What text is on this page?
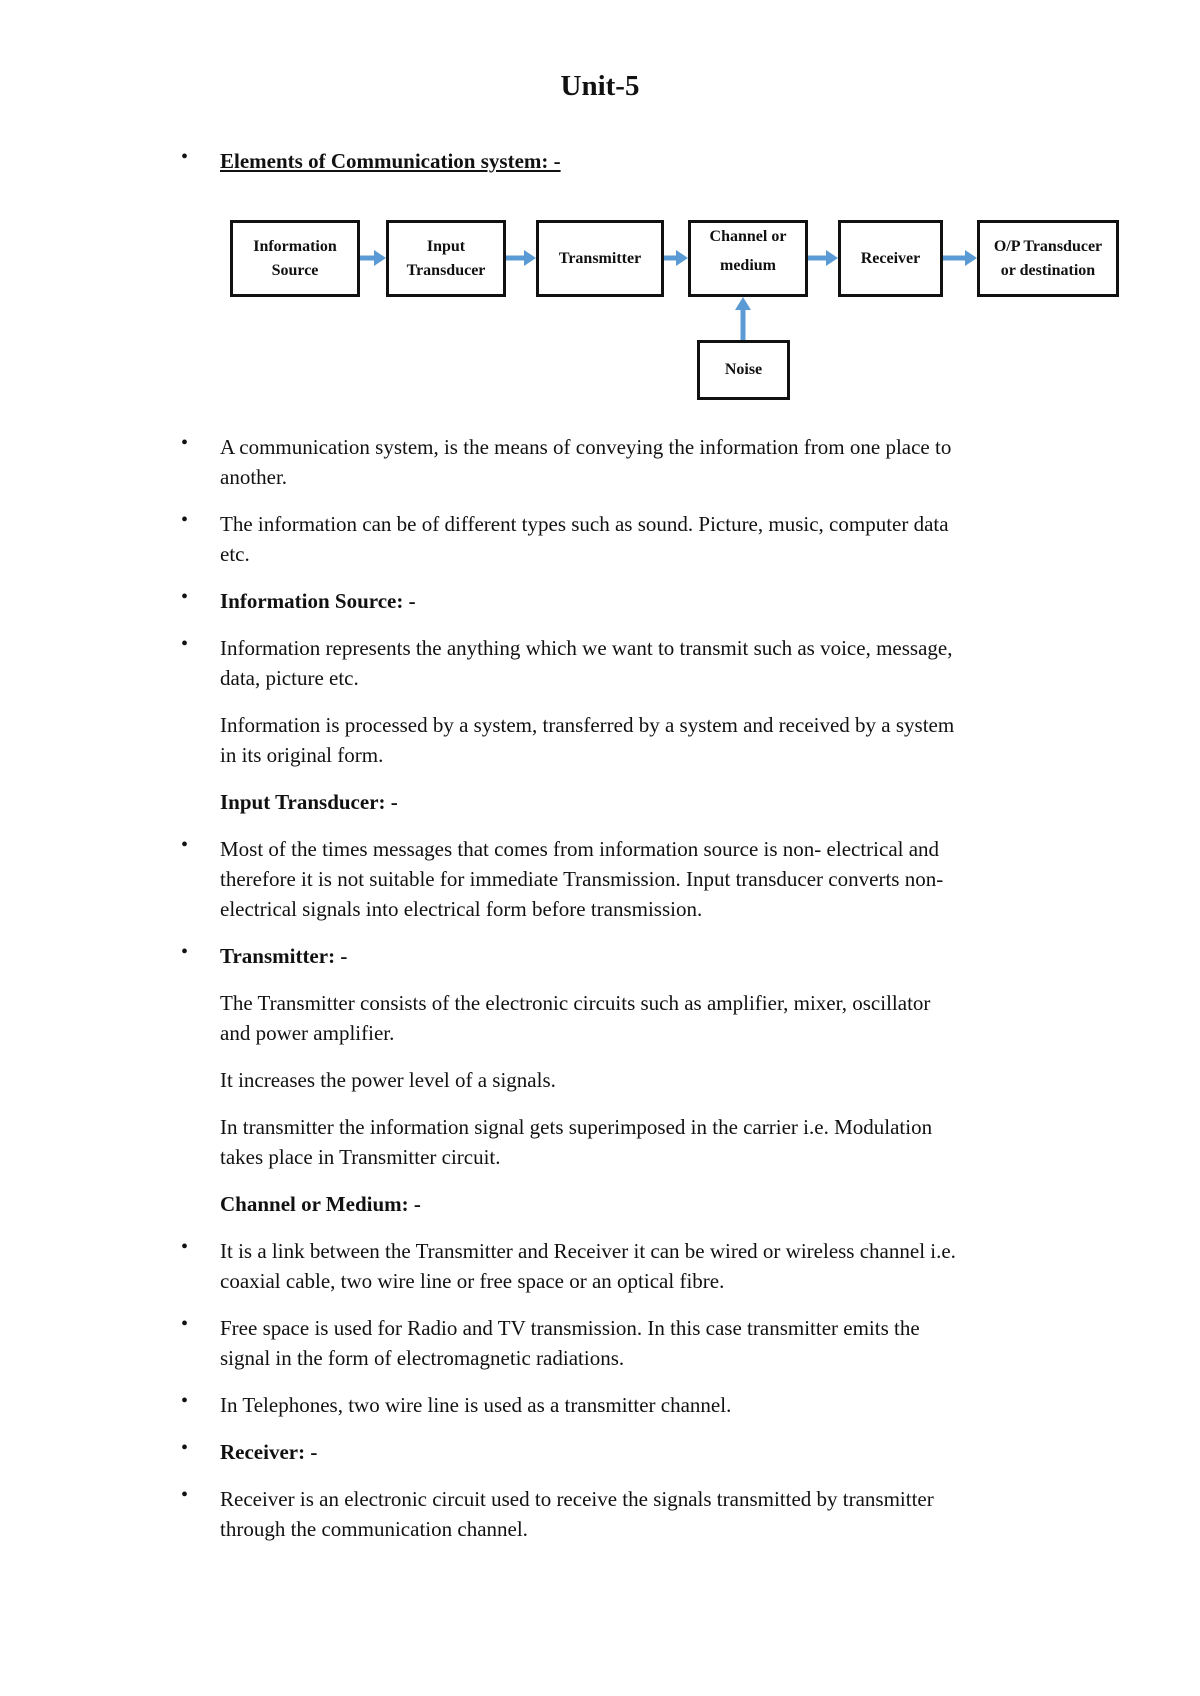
Unit-5
• Elements of Communication system: -
Information
Source
Input
Transducer
Transmitter
Channel or
medium	Receiver
O/P Transducer
or destination
Noise
• A communication system, is the means of conveying the information from one place to
another.
• The information can be of different types such as sound. Picture, music, computer data
etc.
• Information Source: -
• Information represents the anything which we want to transmit such as voice, message,
data, picture etc.
Information is processed by a system, transferred by a system and received by a system
in its original form.
Input Transducer: -
• Most of the times messages that comes from information source is non- electrical and
therefore it is not suitable for immediate Transmission. Input transducer converts non-
electrical signals into electrical form before transmission.
• Transmitter: -
The Transmitter consists of the electronic circuits such as amplifier, mixer, oscillator
and power amplifier.
It increases the power level of a signals.
In transmitter the information signal gets superimposed in the carrier i.e. Modulation
takes place in Transmitter circuit.
Channel or Medium: -
• It is a link between the Transmitter and Receiver it can be wired or wireless channel i.e.
coaxial cable, two wire line or free space or an optical fibre.
• Free space is used for Radio and TV transmission. In this case transmitter emits the
signal in the form of electromagnetic radiations.
• In Telephones, two wire line is used as a transmitter channel.
• Receiver: -
• Receiver is an electronic circuit used to receive the signals transmitted by transmitter
through the communication channel.
